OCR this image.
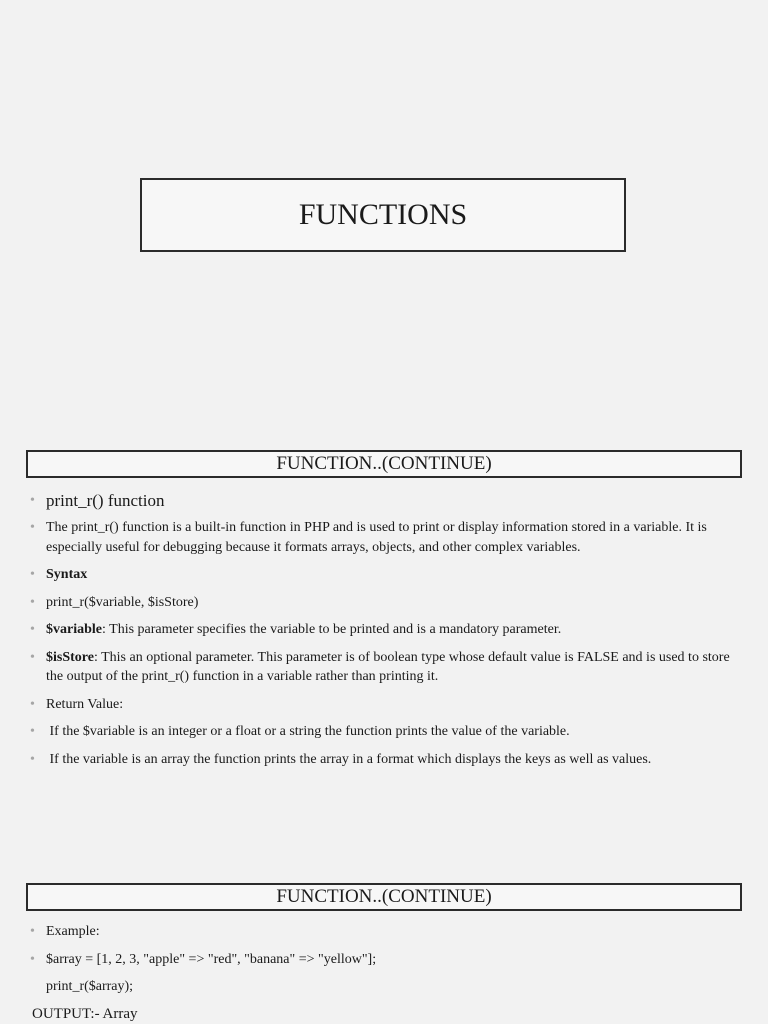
FUNCTIONS
FUNCTION..(CONTINUE)
• print_r() function
• The print_r() function is a built-in function in PHP and is used to print or display information stored in a variable. It is especially useful for debugging because it formats arrays, objects, and other complex variables.
• Syntax
• print_r($variable, $isStore)
• $variable: This parameter specifies the variable to be printed and is a mandatory parameter.
• $isStore: This an optional parameter. This parameter is of boolean type whose default value is FALSE and is used to store the output of the print_r() function in a variable rather than printing it.
• Return Value:
•  If the $variable is an integer or a float or a string the function prints the value of the variable.
•  If the variable is an array the function prints the array in a format which displays the keys as well as values.
FUNCTION..(CONTINUE)
• Example:
• $array = [1, 2, 3, "apple" => "red", "banana" => "yellow"];
print_r($array);
OUTPUT:- Array
